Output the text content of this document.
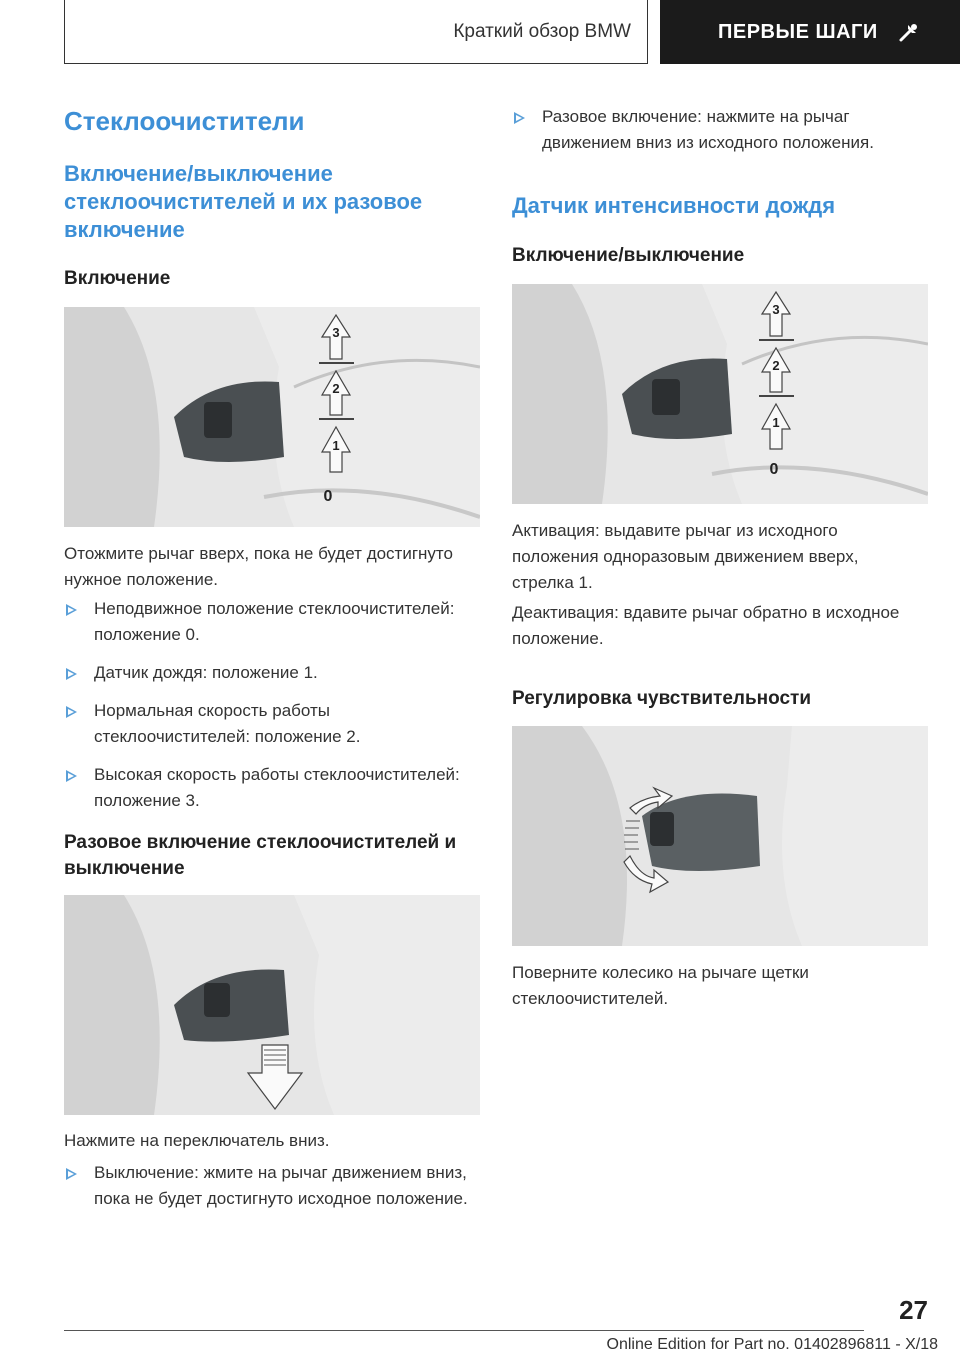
Краткий обзор BMW	ПЕРВЫЕ ШАГИ
Стеклоочистители
Включение/выключение стеклоочистителей и их разовое включение
Включение
3
2
1
0

Отожмите рычаг вверх, пока не будет достигнуто нужное положение.

Неподвижное положение стеклоочистителей: положение 0.
Датчик дождя: положение 1.
Нормальная скорость работы стеклоочистителей: положение 2.
Высокая скорость работы стеклоочистителей: положение 3.
Разовое включение стеклоочистителей и выключение

Нажмите на переключатель вниз.

Выключение: жмите на рычаг движением вниз, пока не будет достигнуто исходное положение.
Разовое включение: нажмите на рычаг движением вниз из исходного положения.
Датчик интенсивности дождя
Включение/выключение
3
2
1
0

Активация: выдавите рычаг из исходного положения одноразовым движением вверх, стрелка 1.

Деактивация: вдавите рычаг обратно в исходное положение.

Регулировка чувствительности

Поверните колесико на рычаге щетки стеклоочистителей.

27
Online Edition for Part no. 01402896811 - X/18
